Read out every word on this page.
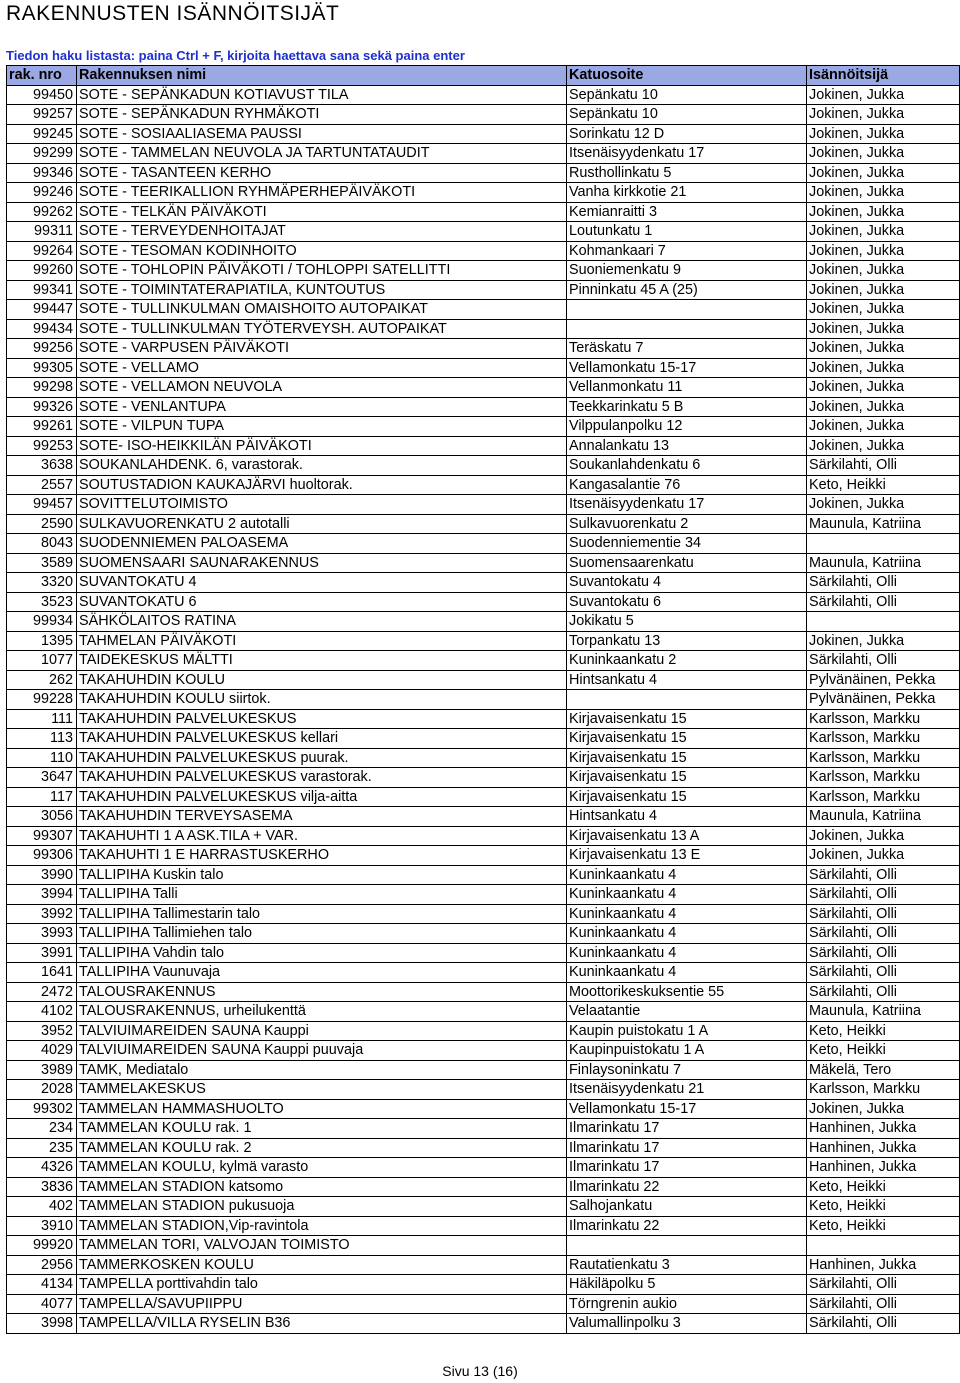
RAKENNUSTEN ISÄNNÖITSIJÄT
Tiedon haku listasta: paina Ctrl + F, kirjoita haettava sana sekä paina enter
rak. nro	Rakennuksen nimi	Katuosoite	Isännöitsijä
99450	SOTE - SEPÄNKADUN KOTIAVUST TILA	Sepänkatu 10	Jokinen, Jukka
99257	SOTE - SEPÄNKADUN RYHMÄKOTI	Sepänkatu 10	Jokinen, Jukka
99245	SOTE - SOSIAALIASEMA PAUSSI	Sorinkatu 12 D	Jokinen, Jukka
99299	SOTE - TAMMELAN NEUVOLA JA TARTUNTATAUDIT	Itsenäisyydenkatu 17	Jokinen, Jukka
99346	SOTE - TASANTEEN KERHO	Rusthollinkatu 5	Jokinen, Jukka
99246	SOTE - TEERIKALLION RYHMÄPERHEPÄIVÄKOTI	Vanha kirkkotie 21	Jokinen, Jukka
99262	SOTE - TELKÄN PÄIVÄKOTI	Kemianraitti 3	Jokinen, Jukka
99311	SOTE - TERVEYDENHOITAJAT	Loutunkatu 1	Jokinen, Jukka
99264	SOTE - TESOMAN KODINHOITO	Kohmankaari 7	Jokinen, Jukka
99260	SOTE - TOHLOPIN PÄIVÄKOTI / TOHLOPPI SATELLITTI	Suoniemenkatu 9	Jokinen, Jukka
99341	SOTE - TOIMINTATERAPIATILA, KUNTOUTUS	Pinninkatu 45 A (25)	Jokinen, Jukka
99447	SOTE - TULLINKULMAN OMAISHOITO AUTOPAIKAT		Jokinen, Jukka
99434	SOTE - TULLINKULMAN TYÖTERVEYSH. AUTOPAIKAT		Jokinen, Jukka
99256	SOTE - VARPUSEN PÄIVÄKOTI	Teräskatu 7	Jokinen, Jukka
99305	SOTE - VELLAMO	Vellamonkatu 15-17	Jokinen, Jukka
99298	SOTE - VELLAMON NEUVOLA	Vellanmonkatu 11	Jokinen, Jukka
99326	SOTE - VENLANTUPA	Teekkarinkatu 5 B	Jokinen, Jukka
99261	SOTE - VILPUN TUPA	Vilppulanpolku 12	Jokinen, Jukka
99253	SOTE- ISO-HEIKKILÄN PÄIVÄKOTI	Annalankatu 13	Jokinen, Jukka
3638	SOUKANLAHDENK. 6, varastorak.	Soukanlahdenkatu 6	Särkilahti, Olli
2557	SOUTUSTADION KAUKAJÄRVI huoltorak.	Kangasalantie 76	Keto, Heikki
99457	SOVITTELUTOIMISTO	Itsenäisyydenkatu 17	Jokinen, Jukka
2590	SULKAVUORENKATU 2 autotalli	Sulkavuorenkatu 2	Maunula, Katriina
8043	SUODENNIEMEN PALOASEMA	Suodenniementie 34	
3589	SUOMENSAARI SAUNARAKENNUS	Suomensaarenkatu	Maunula, Katriina
3320	SUVANTOKATU 4	Suvantokatu 4	Särkilahti, Olli
3523	SUVANTOKATU 6	Suvantokatu 6	Särkilahti, Olli
99934	SÄHKÖLAITOS RATINA	Jokikatu 5	
1395	TAHMELAN PÄIVÄKOTI	Torpankatu 13	Jokinen, Jukka
1077	TAIDEKESKUS MÄLTTI	Kuninkaankatu 2	Särkilahti, Olli
262	TAKAHUHDIN KOULU	Hintsankatu 4	Pylvänäinen, Pekka
99228	TAKAHUHDIN KOULU siirtok.		Pylvänäinen, Pekka
111	TAKAHUHDIN PALVELUKESKUS	Kirjavaisenkatu 15	Karlsson, Markku
113	TAKAHUHDIN PALVELUKESKUS kellari	Kirjavaisenkatu 15	Karlsson, Markku
110	TAKAHUHDIN PALVELUKESKUS puurak.	Kirjavaisenkatu 15	Karlsson, Markku
3647	TAKAHUHDIN PALVELUKESKUS varastorak.	Kirjavaisenkatu 15	Karlsson, Markku
117	TAKAHUHDIN PALVELUKESKUS vilja-aitta	Kirjavaisenkatu 15	Karlsson, Markku
3056	TAKAHUHDIN TERVEYSASEMA	Hintsankatu 4	Maunula, Katriina
99307	TAKAHUHTI 1 A ASK.TILA + VAR.	Kirjavaisenkatu 13 A	Jokinen, Jukka
99306	TAKAHUHTI 1 E HARRASTUSKERHO	Kirjavaisenkatu 13 E	Jokinen, Jukka
3990	TALLIPIHA Kuskin talo	Kuninkaankatu 4	Särkilahti, Olli
3994	TALLIPIHA Talli	Kuninkaankatu 4	Särkilahti, Olli
3992	TALLIPIHA Tallimestarin talo	Kuninkaankatu 4	Särkilahti, Olli
3993	TALLIPIHA Tallimiehen talo	Kuninkaankatu 4	Särkilahti, Olli
3991	TALLIPIHA Vahdin talo	Kuninkaankatu 4	Särkilahti, Olli
1641	TALLIPIHA Vaunuvaja	Kuninkaankatu 4	Särkilahti, Olli
2472	TALOUSRAKENNUS	Moottorikeskuksentie 55	Särkilahti, Olli
4102	TALOUSRAKENNUS, urheilukenttä	Velaatantie	Maunula, Katriina
3952	TALVIUIMAREIDEN SAUNA Kauppi	Kaupin puistokatu 1 A	Keto, Heikki
4029	TALVIUIMAREIDEN SAUNA Kauppi puuvaja	Kaupinpuistokatu 1 A	Keto, Heikki
3989	TAMK, Mediatalo	Finlaysoninkatu 7	Mäkelä, Tero
2028	TAMMELAKESKUS	Itsenäisyydenkatu 21	Karlsson, Markku
99302	TAMMELAN HAMMASHUOLTO	Vellamonkatu 15-17	Jokinen, Jukka
234	TAMMELAN KOULU rak. 1	Ilmarinkatu 17	Hanhinen, Jukka
235	TAMMELAN KOULU rak. 2	Ilmarinkatu 17	Hanhinen, Jukka
4326	TAMMELAN KOULU, kylmä varasto	Ilmarinkatu 17	Hanhinen, Jukka
3836	TAMMELAN STADION katsomo	Ilmarinkatu 22	Keto, Heikki
402	TAMMELAN STADION pukusuoja	Salhojankatu	Keto, Heikki
3910	TAMMELAN STADION,Vip-ravintola	Ilmarinkatu 22	Keto, Heikki
99920	TAMMELAN TORI, VALVOJAN TOIMISTO		
2956	TAMMERKOSKEN KOULU	Rautatienkatu 3	Hanhinen, Jukka
4134	TAMPELLA porttivahdin talo	Häkiläpolku 5	Särkilahti, Olli
4077	TAMPELLA/SAVUPIIPPU	Törngrenin aukio	Särkilahti, Olli
3998	TAMPELLA/VILLA RYSELIN B36	Valumallinpolku 3	Särkilahti, Olli
Sivu 13 (16)
